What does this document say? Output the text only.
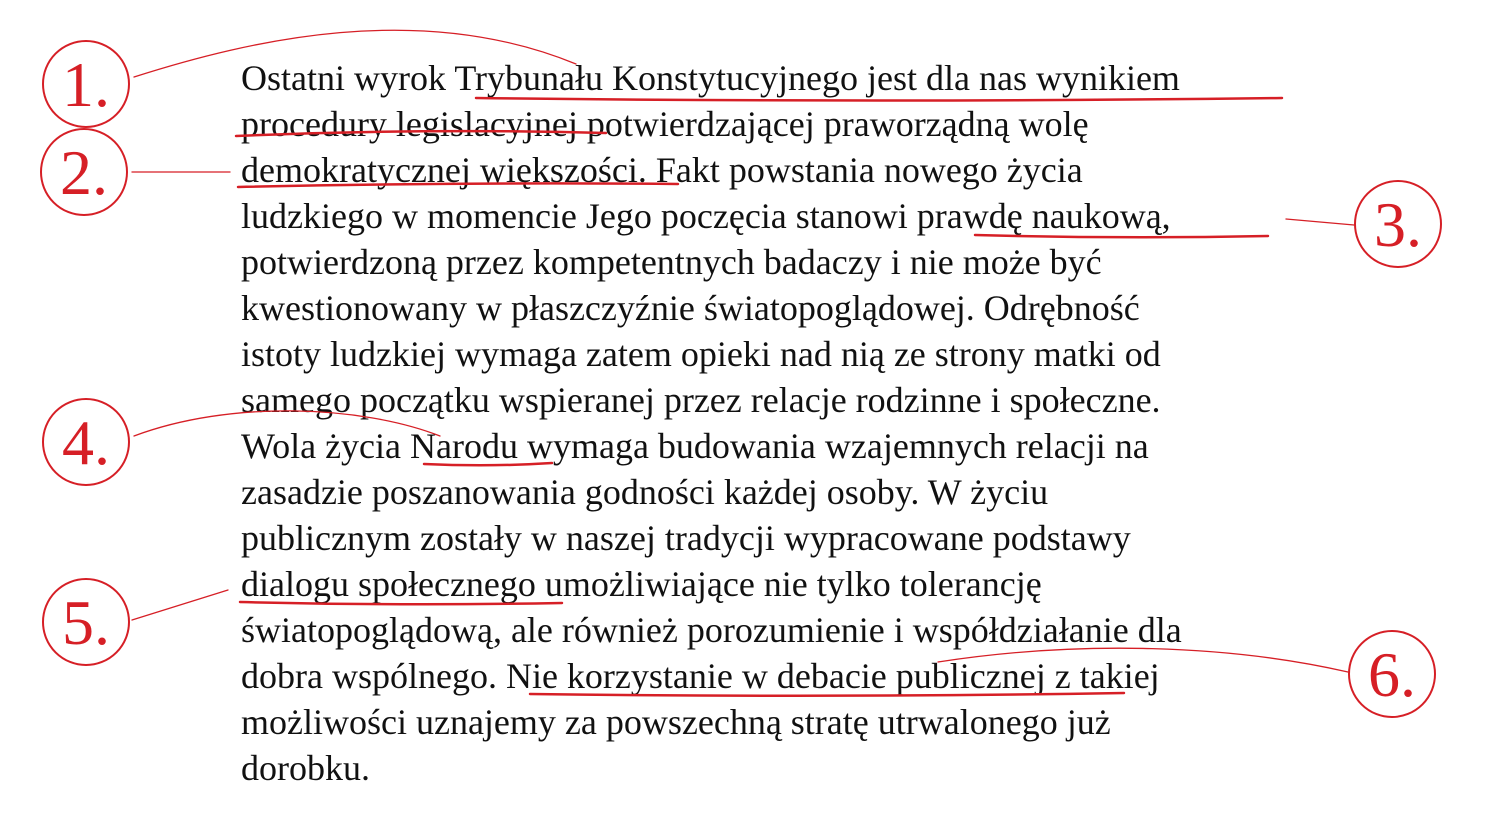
Ostatni wyrok Trybunału Konstytucyjnego jest dla nas wynikiem
procedury legislacyjnej potwierdzającej praworządną wolę
demokratycznej większości. Fakt powstania nowego życia
ludzkiego w momencie Jego poczęcia stanowi prawdę naukową,
potwierdzoną przez kompetentnych badaczy i nie może być
kwestionowany w płaszczyźnie światopoglądowej. Odrębność
istoty ludzkiej wymaga zatem opieki nad nią ze strony matki od
samego początku wspieranej przez relacje rodzinne i społeczne.
Wola życia Narodu wymaga budowania wzajemnych relacji na
zasadzie poszanowania godności każdej osoby. W życiu
publicznym zostały w naszej tradycji wypracowane podstawy
dialogu społecznego umożliwiające nie tylko tolerancję
światopoglądową, ale również porozumienie i współdziałanie dla
dobra wspólnego. Nie korzystanie w debacie publicznej z takiej
możliwości uznajemy za powszechną stratę utrwalonego już
dorobku.
1.
2.
3.
4.
5.
6.
